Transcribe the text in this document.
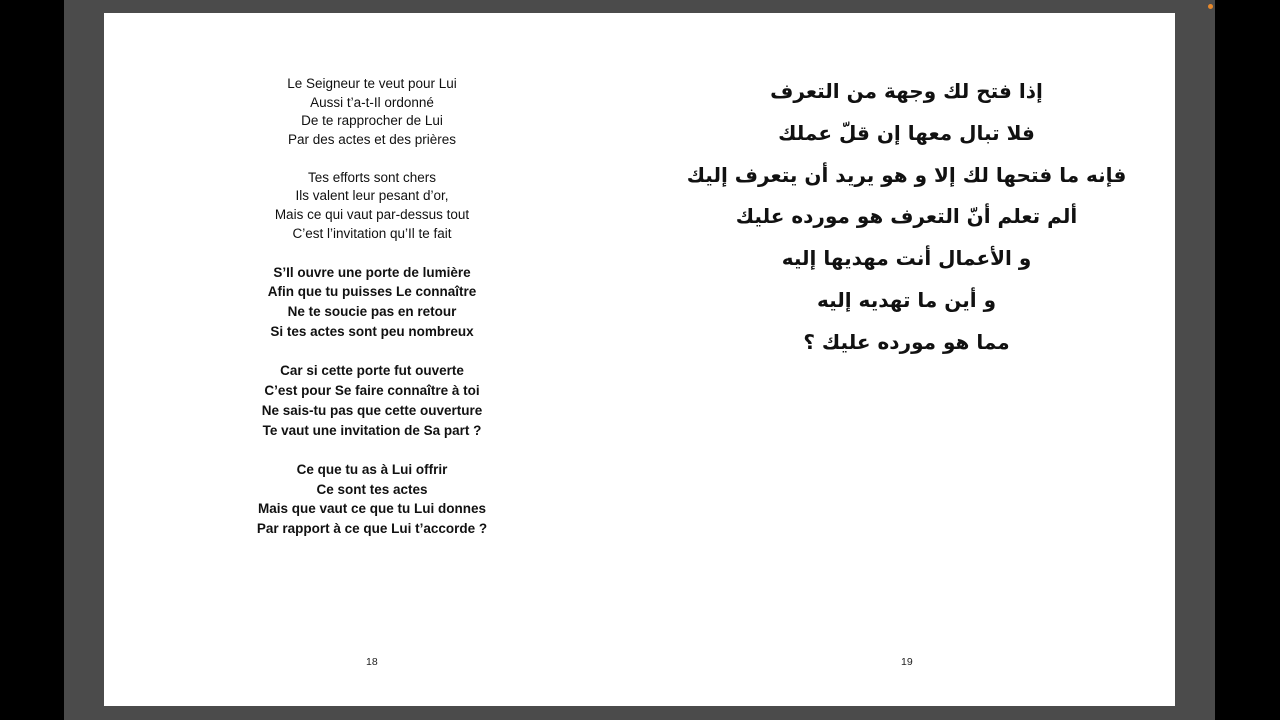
Le Seigneur te veut pour Lui
Aussi t’a-t-Il ordonné
De te rapprocher de Lui
Par des actes et des prières
Tes efforts sont chers
Ils valent leur pesant d’or,
Mais ce qui vaut par-dessus tout
C’est l’invitation qu’Il te fait
S’Il ouvre une porte de lumière
Afin que tu puisses Le connaître
Ne te soucie pas en retour
Si tes actes sont peu nombreux
Car si cette porte fut ouverte
C’est pour Se faire connaître à toi
Ne sais-tu pas que cette ouverture
Te vaut une invitation de Sa part ?
Ce que tu as à Lui offrir
Ce sont tes actes
Mais que vaut ce que tu Lui donnes
Par rapport à ce que Lui t’accorde ?
18
إذا فتح لك وجهة من التعرف
فلا تبال معها إن قلّ عملك
فإنه ما فتحها لك إلا و هو يريد أن يتعرف إليك
ألم تعلم أنّ التعرف هو مورده عليك
و الأعمال أنت مهديها إليه
و أين ما تهديه إليه
مما هو مورده عليك ؟
19
